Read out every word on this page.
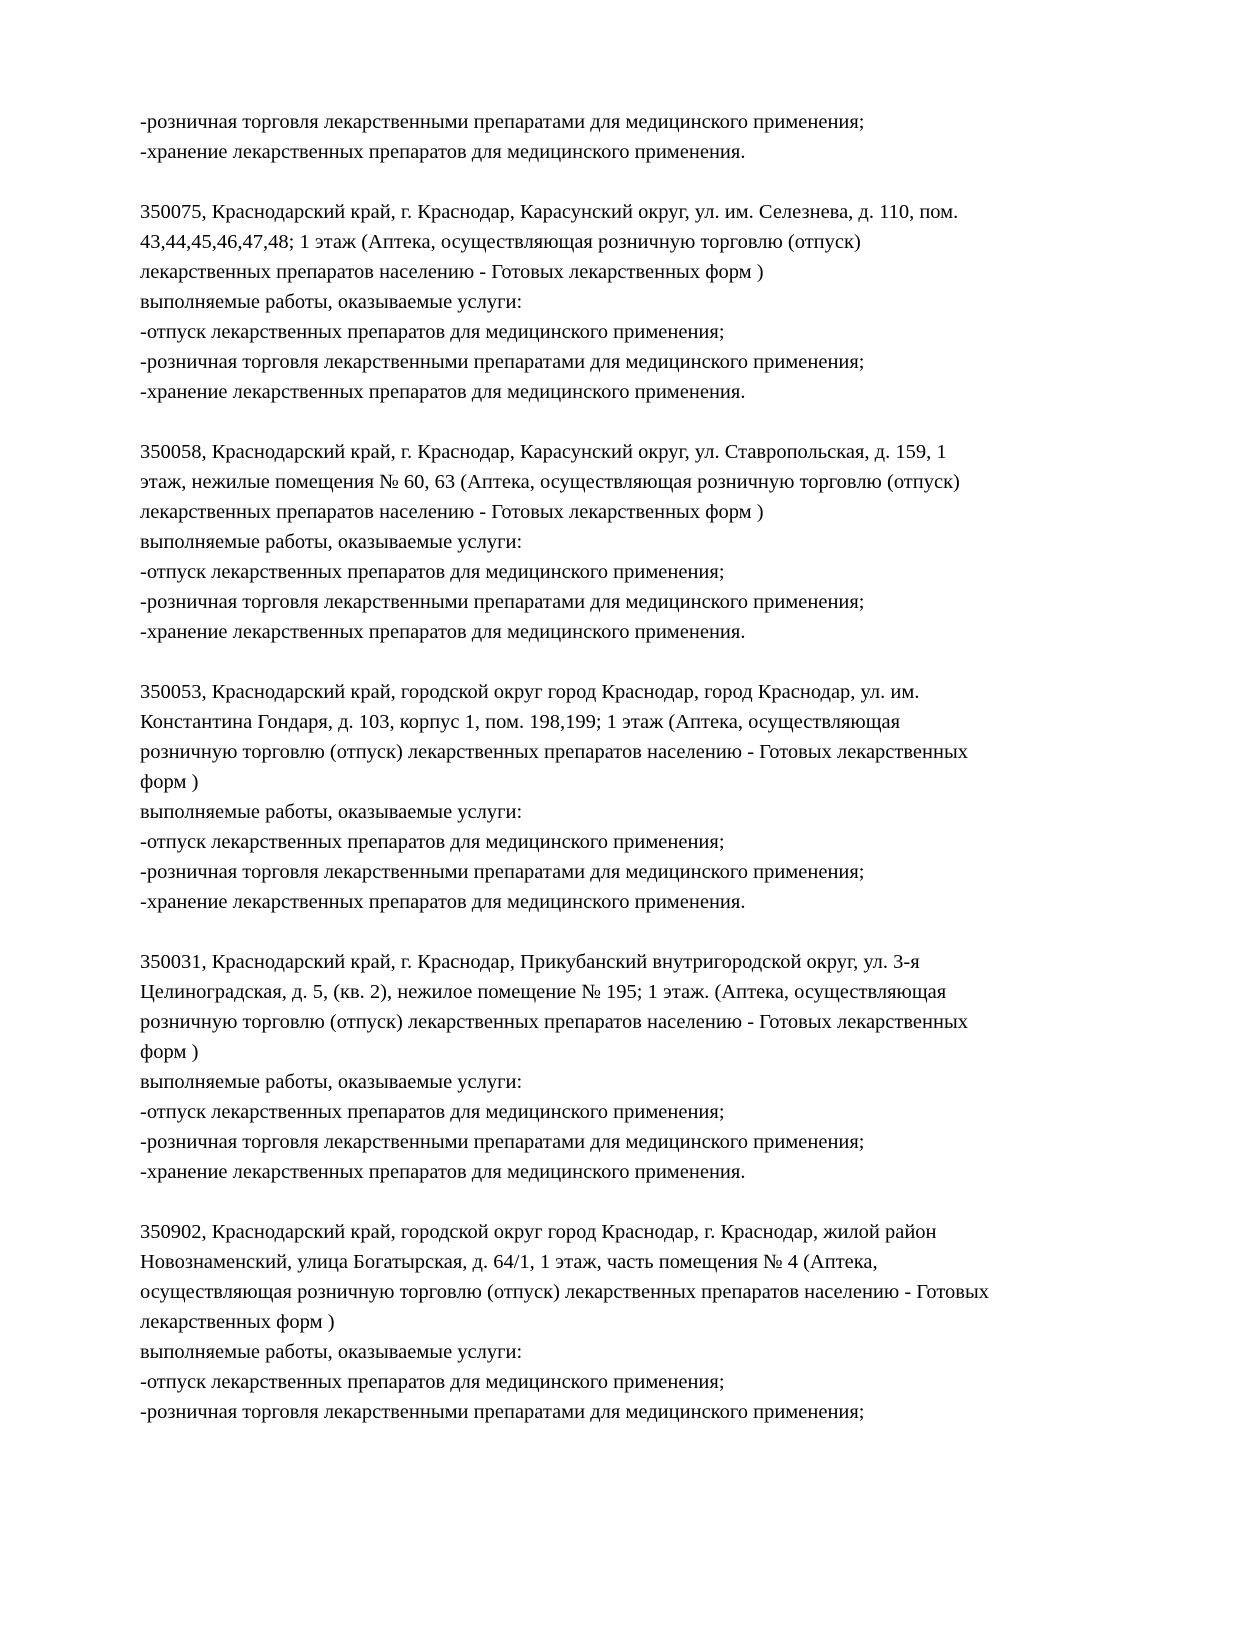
-розничная торговля лекарственными препаратами для медицинского применения;
-хранение лекарственных препаратов для медицинского применения.
350075, Краснодарский край, г. Краснодар, Карасунский округ, ул. им. Селезнева, д. 110, пом.
43,44,45,46,47,48; 1 этаж (Аптека, осуществляющая розничную торговлю (отпуск)
лекарственных препаратов населению - Готовых лекарственных форм )
выполняемые работы, оказываемые услуги:
-отпуск лекарственных препаратов для медицинского применения;
-розничная торговля лекарственными препаратами для медицинского применения;
-хранение лекарственных препаратов для медицинского применения.
350058, Краснодарский край, г. Краснодар, Карасунский округ, ул. Ставропольская, д. 159, 1
этаж, нежилые помещения № 60, 63 (Аптека, осуществляющая розничную торговлю (отпуск)
лекарственных препаратов населению - Готовых лекарственных форм )
выполняемые работы, оказываемые услуги:
-отпуск лекарственных препаратов для медицинского применения;
-розничная торговля лекарственными препаратами для медицинского применения;
-хранение лекарственных препаратов для медицинского применения.
350053, Краснодарский край, городской округ город Краснодар, город Краснодар, ул. им.
Константина Гондаря, д. 103, корпус 1, пом. 198,199; 1 этаж (Аптека, осуществляющая
розничную торговлю (отпуск) лекарственных препаратов населению - Готовых лекарственных
форм )
выполняемые работы, оказываемые услуги:
-отпуск лекарственных препаратов для медицинского применения;
-розничная торговля лекарственными препаратами для медицинского применения;
-хранение лекарственных препаратов для медицинского применения.
350031, Краснодарский край, г. Краснодар, Прикубанский внутригородской округ, ул. 3-я
Целиноградская, д. 5, (кв. 2), нежилое помещение № 195; 1 этаж. (Аптека, осуществляющая
розничную торговлю (отпуск) лекарственных препаратов населению - Готовых лекарственных
форм )
выполняемые работы, оказываемые услуги:
-отпуск лекарственных препаратов для медицинского применения;
-розничная торговля лекарственными препаратами для медицинского применения;
-хранение лекарственных препаратов для медицинского применения.
350902, Краснодарский край, городской округ город Краснодар, г. Краснодар, жилой район
Новознаменский, улица Богатырская, д. 64/1, 1 этаж, часть помещения № 4 (Аптека,
осуществляющая розничную торговлю (отпуск) лекарственных препаратов населению - Готовых
лекарственных форм )
выполняемые работы, оказываемые услуги:
-отпуск лекарственных препаратов для медицинского применения;
-розничная торговля лекарственными препаратами для медицинского применения;
